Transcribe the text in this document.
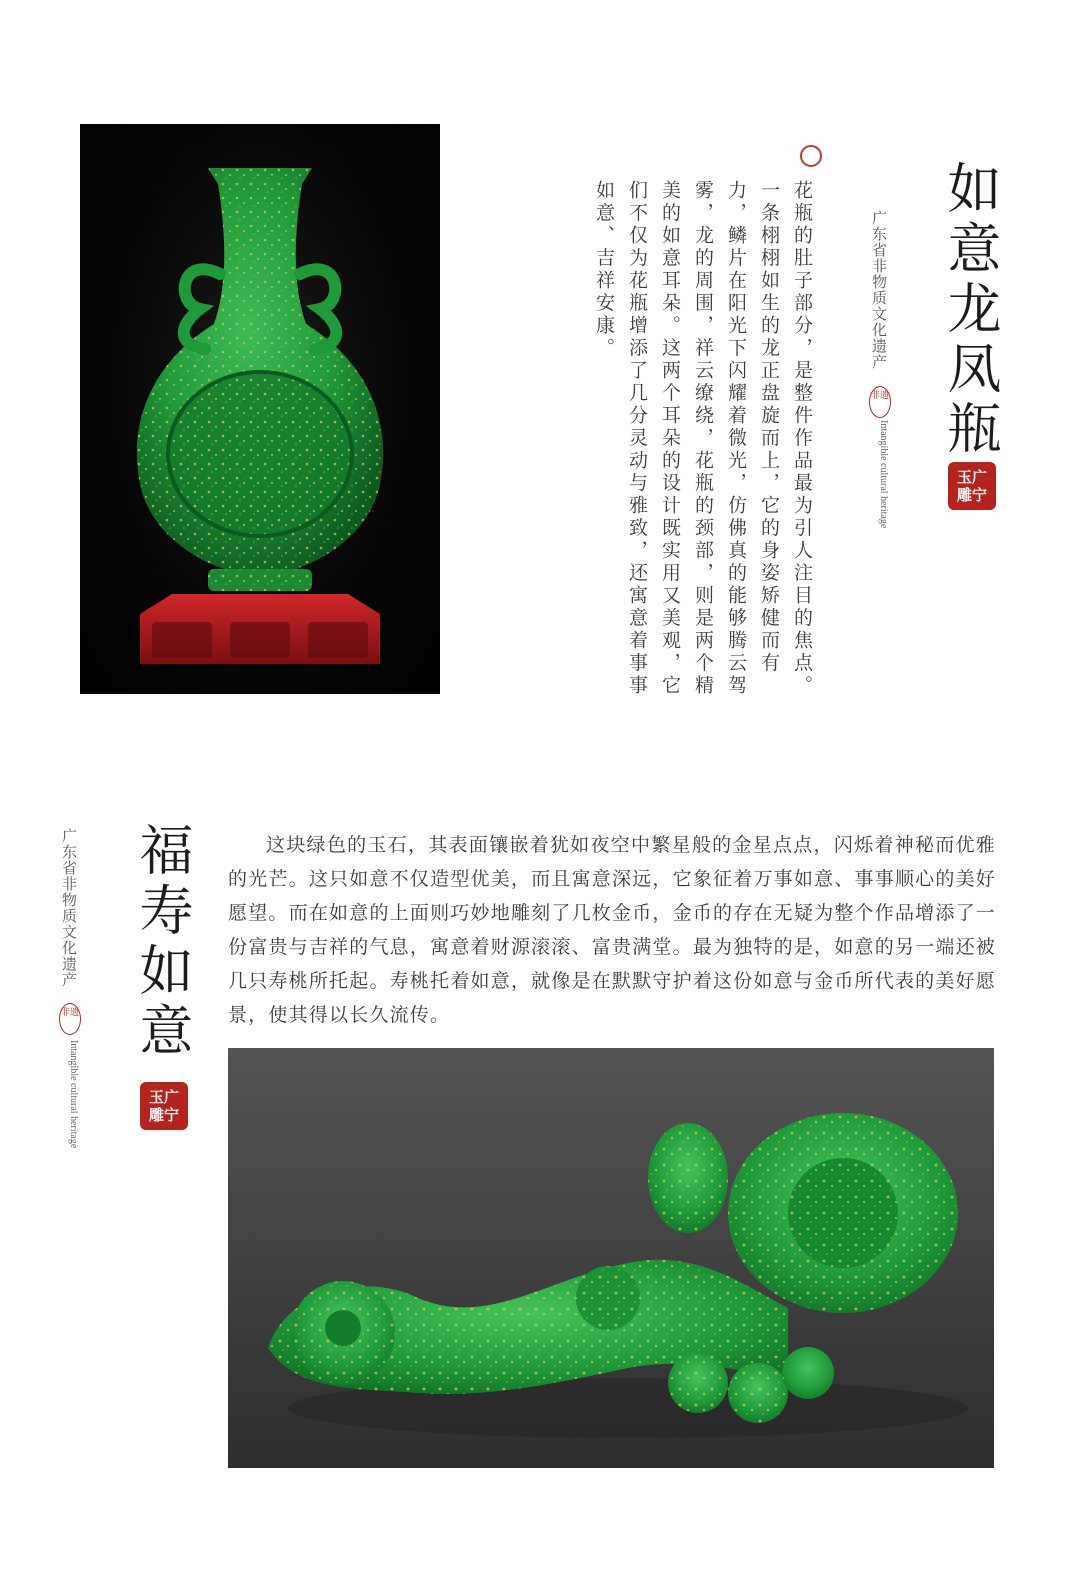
如意龙凤瓶
广东省非物质文化遗产
非遗
Intangible cultural heritage	玉广雕宁
花瓶的肚子部分，是整件作品最为引人注目的焦点。一条栩栩如生的龙正盘旋而上，它的身姿矫健而有力，鳞片在阳光下闪耀着微光，仿佛真的能够腾云驾雾，龙的周围，祥云缭绕，花瓶的颈部，则是两个精美的如意耳朵。这两个耳朵的设计既实用又美观，它们不仅为花瓶增添了几分灵动与雅致，还寓意着事事如意、吉祥安康。
广东省非物质文化遗产
非遗
Intangible cultural heritage
福寿如意
玉广雕宁
这块绿色的玉石，其表面镶嵌着犹如夜空中繁星般的金星点点，闪烁着神秘而优雅的光芒。这只如意不仅造型优美，而且寓意深远，它象征着万事如意、事事顺心的美好愿望。而在如意的上面则巧妙地雕刻了几枚金币，金币的存在无疑为整个作品增添了一份富贵与吉祥的气息，寓意着财源滚滚、富贵满堂。最为独特的是，如意的另一端还被几只寿桃所托起。寿桃托着如意，就像是在默默守护着这份如意与金币所代表的美好愿景，使其得以长久流传。
